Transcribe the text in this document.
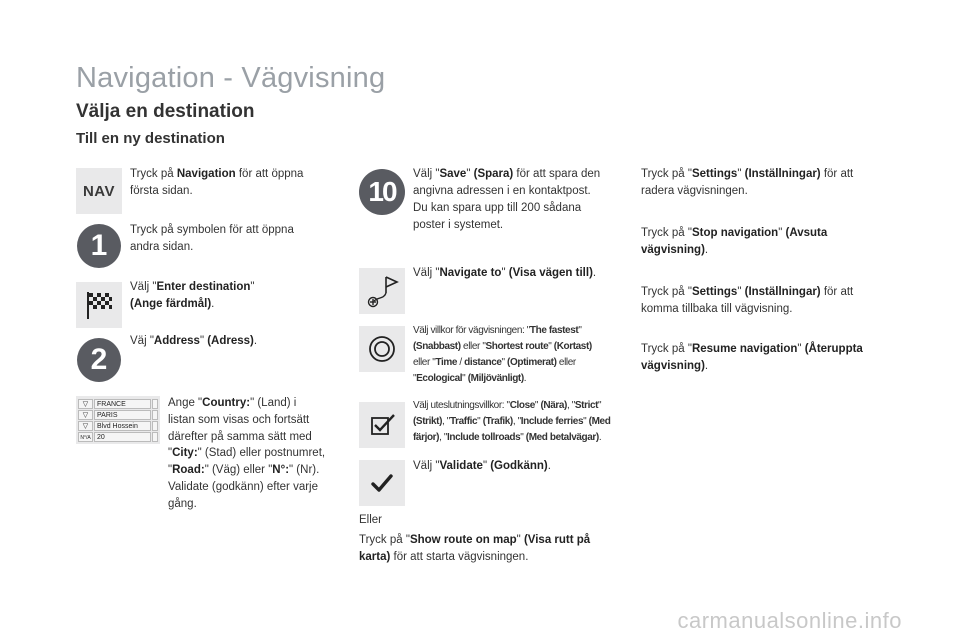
Navigation - Vägvisning
Välja en destination
Till en ny destination
NAV
Tryck på Navigation för att öppna
första sidan.
1	Tryck på symbolen för att öppna
andra sidan.
Välj "Enter destination"
(Ange färdmål).
2
Väj "Address" (Adress).
▽	FRANCE
▽	PARIS
▽	Blvd Hossein
N°/A 20
Ange "Country:" (Land) i
listan som visas och fortsätt
därefter på samma sätt med
"City:" (Stad) eller postnumret,
"Road:" (Väg) eller "N°:" (Nr).
Validate (godkänn) efter varje
gång.
10
Välj "Save" (Spara) för att spara den
angivna adressen i en kontaktpost.
Du kan spara upp till 200 sådana
poster i systemet.
Välj "Navigate to" (Visa vägen till).
Välj villkor för vägvisningen: "The fastest"
(Snabbast) eller "Shortest route" (Kortast)
eller "Time / distance" (Optimerat) eller
"Ecological" (Miljövänligt).
Välj uteslutningsvillkor: "Close" (Nära), "Strict"
(Strikt), "Traffic" (Trafik), "Include ferries" (Med
färjor), "Include tollroads" (Med betalvägar).
Välj "Validate" (Godkänn).
Eller
Tryck på "Show route on map" (Visa rutt på
karta) för att starta vägvisningen.
Tryck på "Settings" (Inställningar) för att
radera vägvisningen.
Tryck på "Stop navigation" (Avsuta
vägvisning).
Tryck på "Settings" (Inställningar) för att
komma tillbaka till vägvisning.
Tryck på "Resume navigation" (Återuppta
vägvisning).
carmanualsonline.info
